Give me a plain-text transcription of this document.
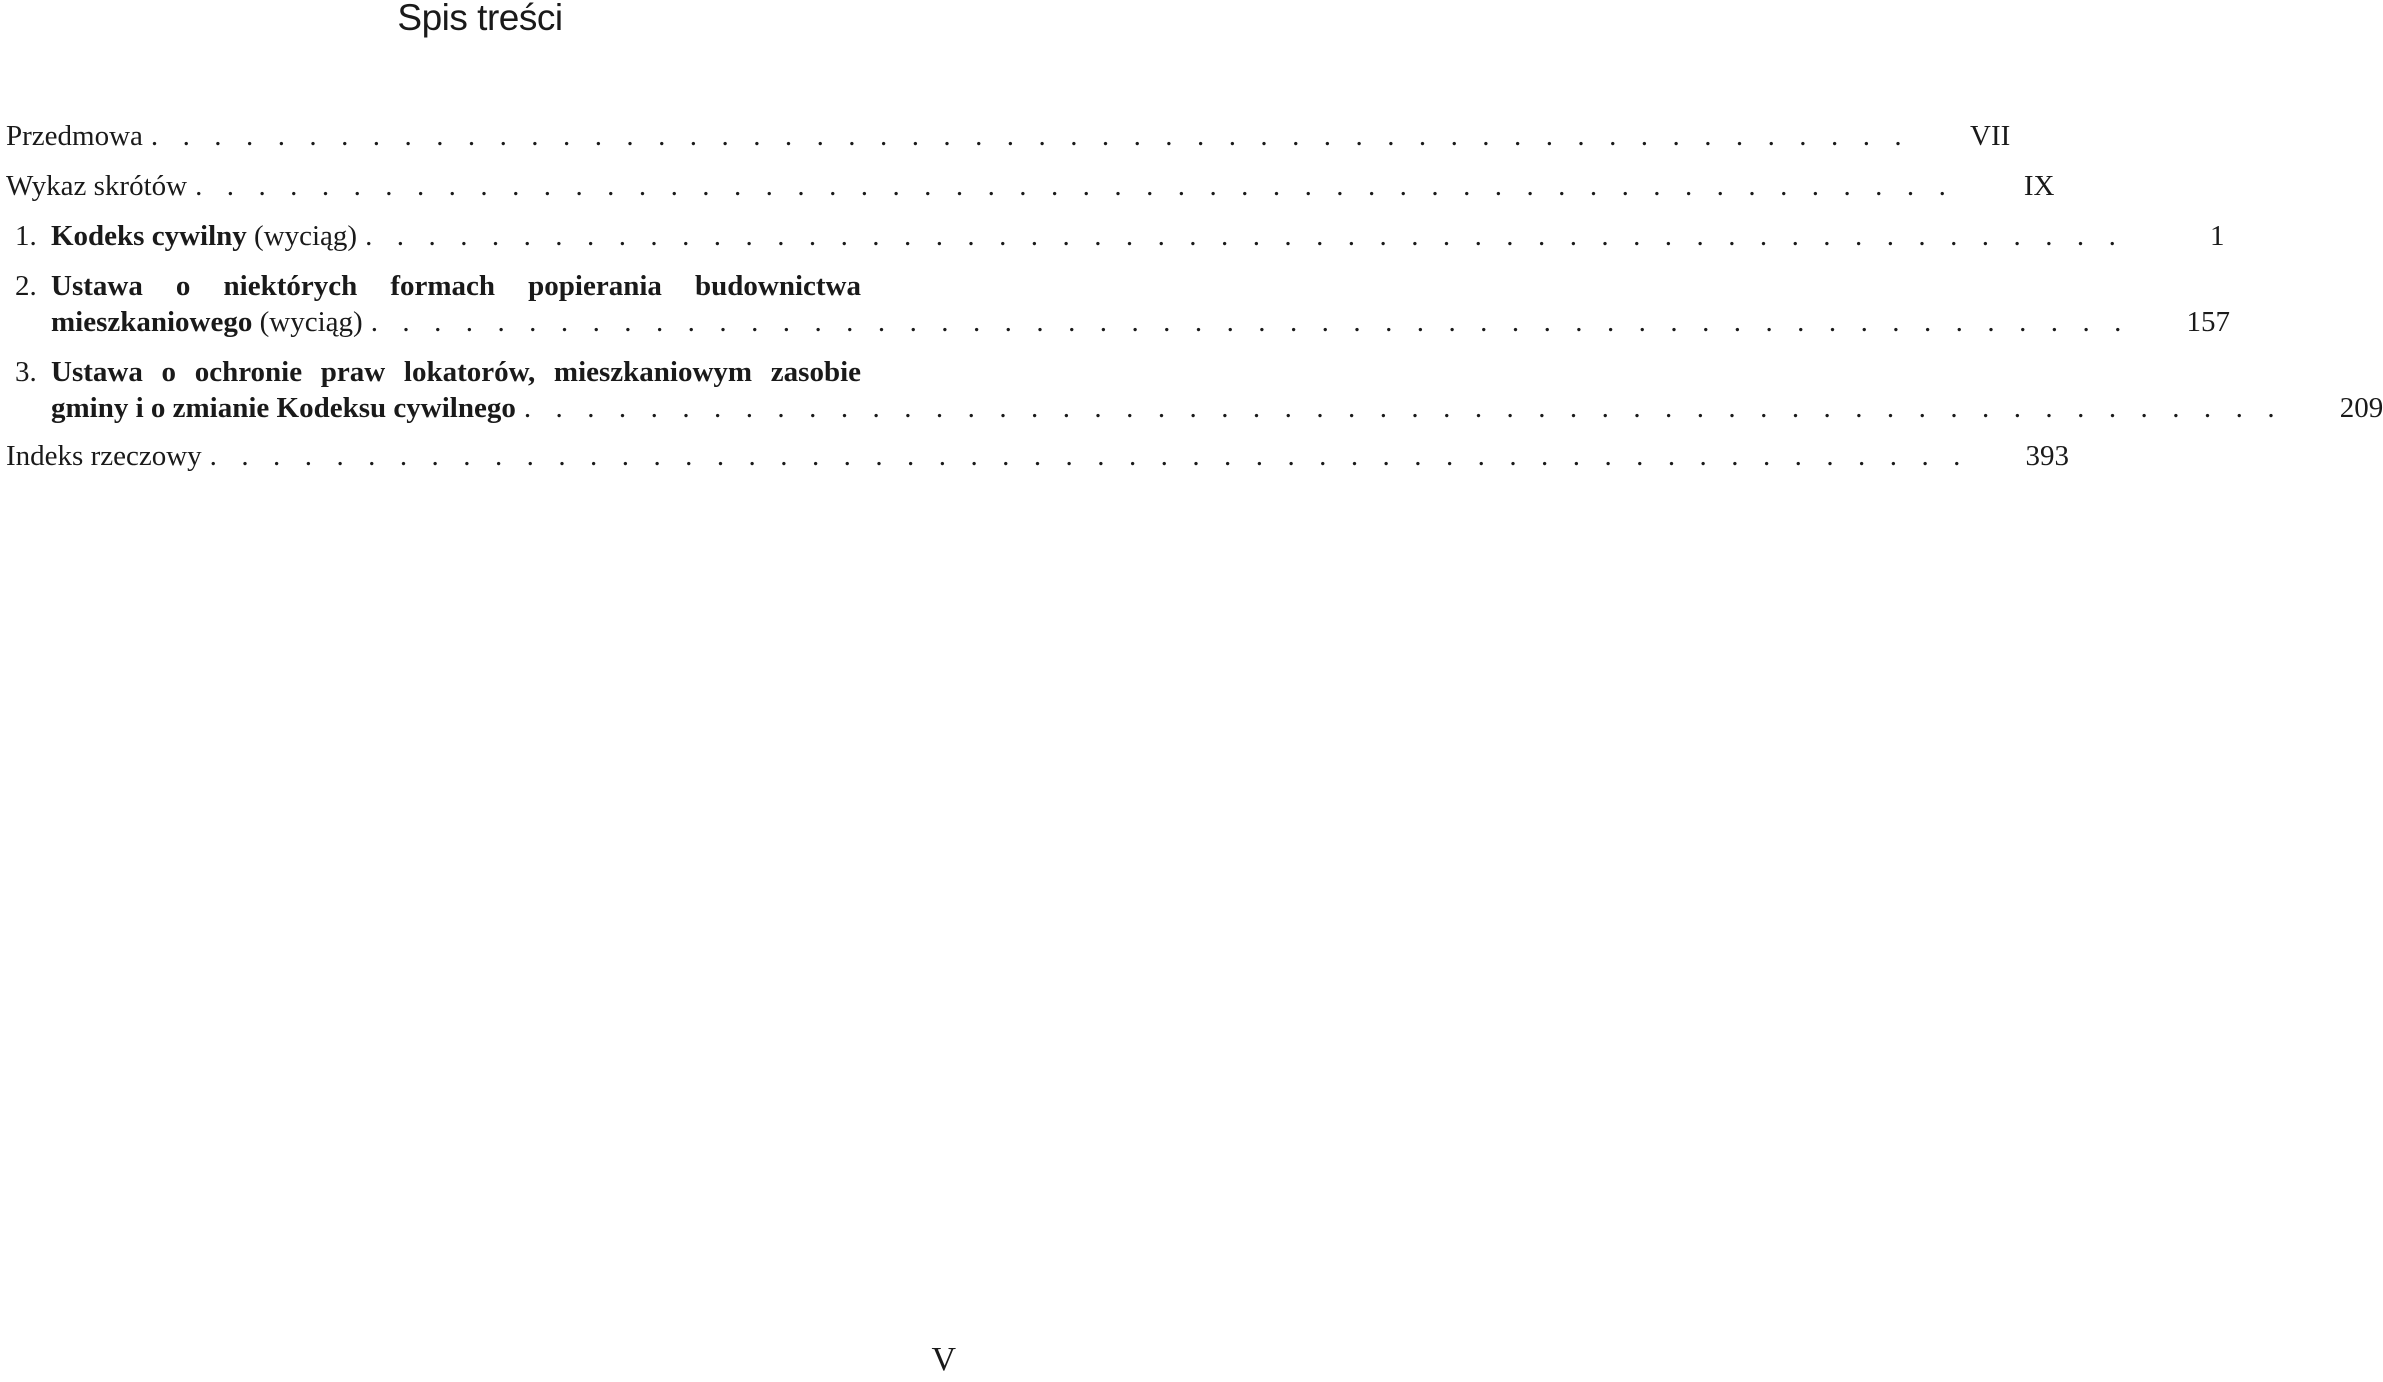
Spis treści
Przedmowa . . . . . . . . . . . . . . . . . . . . . . . . . . . . . . . . . . . . . . . . . . . . . . . . . . . . . . . .	VII
Wykaz skrótów . . . . . . . . . . . . . . . . . . . . . . . . . . . . . . . . . . . . . . . . . . . . . . . . . . . . . . . .	IX
1. Kodeks cywilny (wyciąg) . . . . . . . . . . . . . . . . . . . . . . . . . . . . . . . . . . . . . . . . . . . . . . . . . . . . . . . .	1
2. Ustawa o niektórych formach popierania budownictwa
mieszkaniowego (wyciąg) . . . . . . . . . . . . . . . . . . . . . . . . . . . . . . . . . . . . . . . . . . . . . . . . . . . . . . . .	157
3. Ustawa o ochronie praw lokatorów, mieszkaniowym zasobie
gminy i o zmianie Kodeksu cywilnego . . . . . . . . . . . . . . . . . . . . . . . . . . . . . . . . . . . . . . . . . . . . . . . . . . . . . . . .	209
Indeks rzeczowy . . . . . . . . . . . . . . . . . . . . . . . . . . . . . . . . . . . . . . . . . . . . . . . . . . . . . . . .	393
V
